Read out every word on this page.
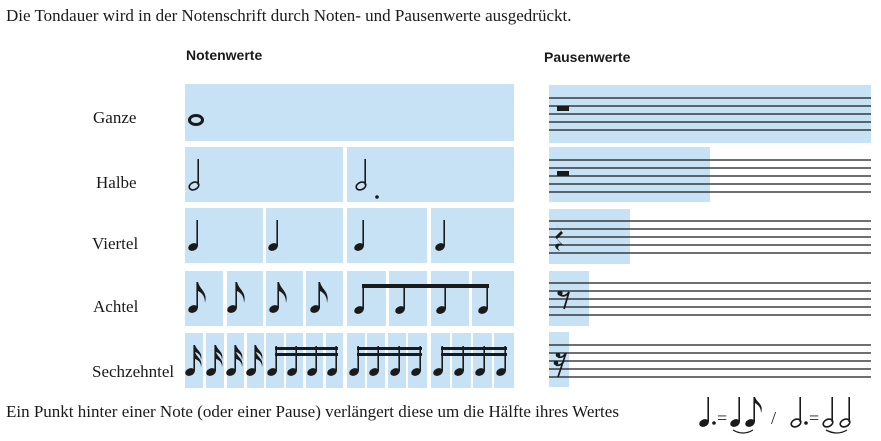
Die Tondauer wird in der Notenschrift durch Noten- und Pausenwerte ausgedrückt.
Notenwerte	Pausenwerte
Ganze
Halbe
Viertel
Achtel
Sechzehntel
Ein Punkt hinter einer Note (oder einer Pause) verlängert diese um die Hälfte ihres Wertes	= / =
